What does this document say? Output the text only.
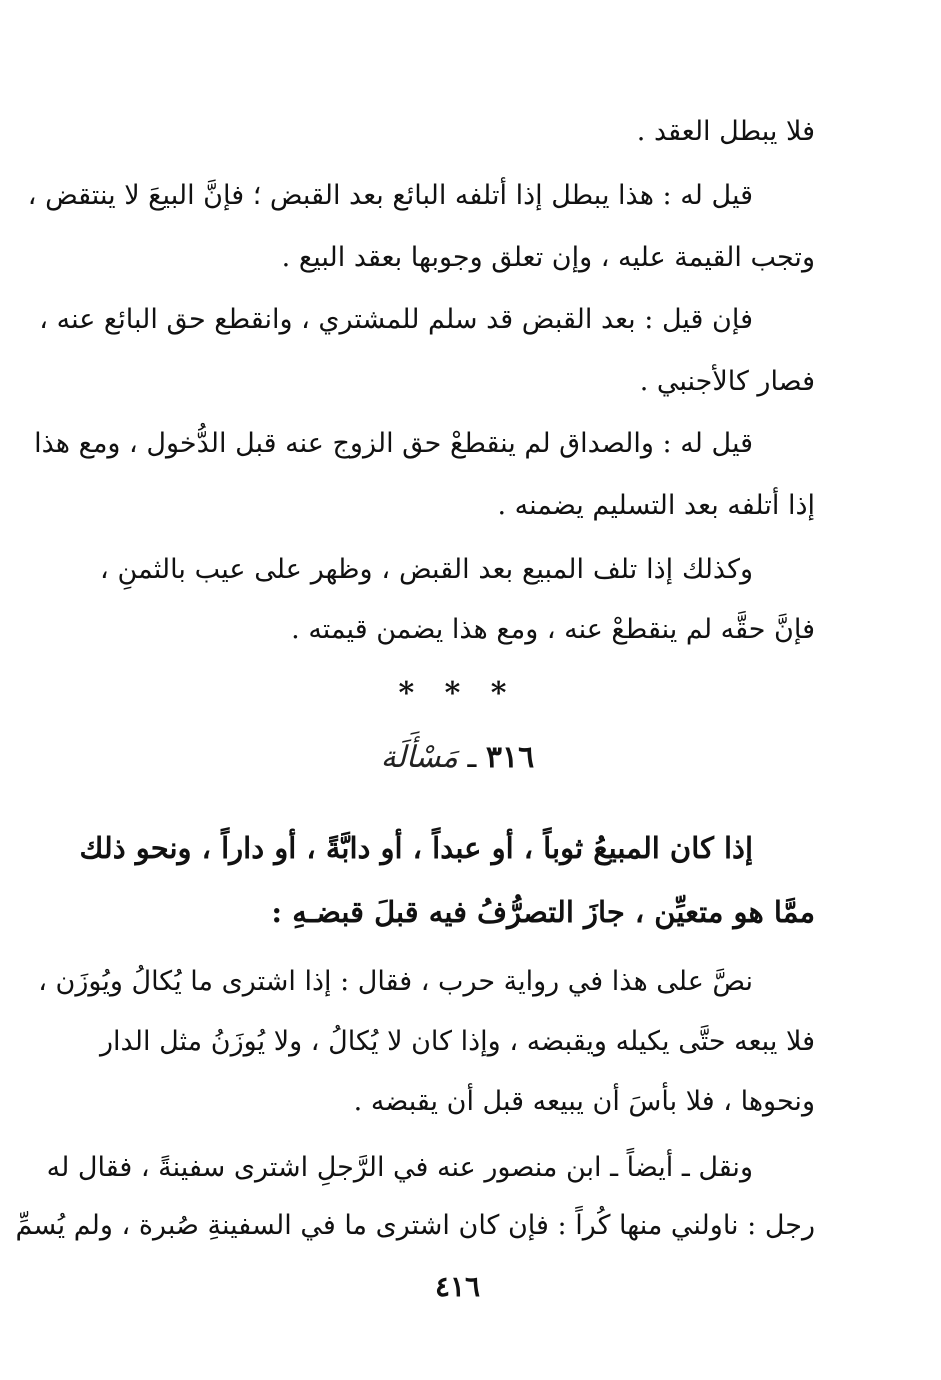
فلا يبطل العقد .
قيل له : هذا يبطل إذا أتلفه البائع بعد القبض ؛ فإنَّ البيعَ لا ينتقض ،
وتجب القيمة عليه ، وإن تعلق وجوبها بعقد البيع .
فإن قيل : بعد القبض قد سلم للمشتري ، وانقطع حق البائع عنه ،
فصار كالأجنبي .
قيل له : والصداق لم ينقطعْ حق الزوج عنه قبل الدُّخول ، ومع هذا
إذا أتلفه بعد التسليم يضمنه .
وكذلك إذا تلف المبيع بعد القبض ، وظهر على عيب بالثمنِ ،
فإنَّ حقَّه لم ينقطعْ عنه ، ومع هذا يضمن قيمته .
* * *
٣١٦ ـ مَسْأَلَة
إذا كان المبيعُ ثوباً ، أو عبداً ، أو دابَّةً ، أو داراً ، ونحو ذلك
ممَّا هو متعيِّن ، جازَ التصرُّفُ فيه قبلَ قبضـهِ :
نصَّ على هذا في رواية حرب ، فقال : إذا اشترى ما يُكالُ ويُوزَن ،
فلا يبعه حتَّى يكيله ويقبضه ، وإذا كان لا يُكالُ ، ولا يُوزَنُ مثل الدار
ونحوها ، فلا بأسَ أن يبيعه قبل أن يقبضه .
ونقل ـ أيضاً ـ ابن منصور عنه في الرَّجلِ اشترى سفينةً ، فقال له
رجل : ناولني منها كُراً : فإن كان اشترى ما في السفينةِ صُبرة ، ولم يُسمِّ
٤١٦
